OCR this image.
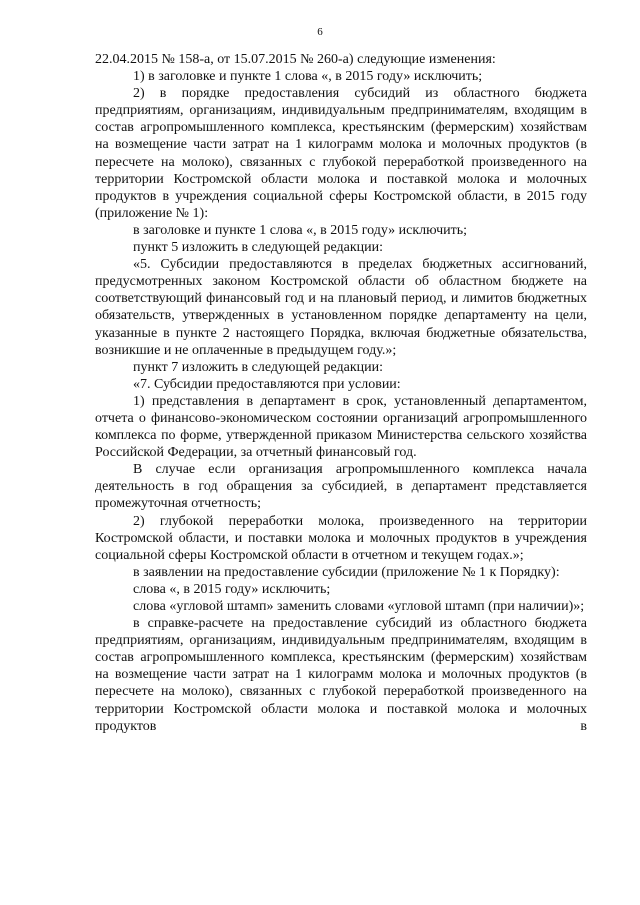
6

22.04.2015 № 158-а, от 15.07.2015 № 260-а) следующие изменения:

1) в заголовке и пункте 1 слова «, в 2015 году» исключить;

2) в порядке предоставления субсидий из областного бюджета предприятиям, организациям, индивидуальным предпринимателям, входящим в состав агропромышленного комплекса, крестьянским (фермерским) хозяйствам на возмещение части затрат на 1 килограмм молока и молочных продуктов (в пересчете на молоко), связанных с глубокой переработкой произведенного на территории Костромской области молока и поставкой молока и молочных продуктов в учреждения социальной сферы Костромской области, в 2015 году (приложение № 1):

в заголовке и пункте 1 слова «, в 2015 году» исключить;

пункт 5 изложить в следующей редакции:

«5. Субсидии предоставляются в пределах бюджетных ассигнований, предусмотренных законом Костромской области об областном бюджете на соответствующий финансовый год и на плановый период, и лимитов бюджетных обязательств, утвержденных в установленном порядке департаменту на цели, указанные в пункте 2 настоящего Порядка, включая бюджетные обязательства, возникшие и не оплаченные в предыдущем году.»;

пункт 7 изложить в следующей редакции:

«7. Субсидии предоставляются при условии:

1) представления в департамент в срок, установленный департаментом, отчета о финансово-экономическом состоянии организаций агропромышленного комплекса по форме, утвержденной приказом Министерства сельского хозяйства Российской Федерации, за отчетный финансовый год.

В случае если организация агропромышленного комплекса начала деятельность в год обращения за субсидией, в департамент представляется промежуточная отчетность;

2) глубокой переработки молока, произведенного на территории Костромской области, и поставки молока и молочных продуктов в учреждения социальной сферы Костромской области в отчетном и текущем годах.»;

в заявлении на предоставление субсидии (приложение № 1 к Порядку):

слова «, в 2015 году» исключить;

слова «угловой штамп» заменить словами «угловой штамп (при наличии)»;

в справке-расчете на предоставление субсидий из областного бюджета предприятиям, организациям, индивидуальным предпринимателям, входящим в состав агропромышленного комплекса, крестьянским (фермерским) хозяйствам на возмещение части затрат на 1 килограмм молока и молочных продуктов (в пересчете на молоко), связанных с глубокой переработкой произведенного на территории Костромской области молока и поставкой молока и молочных продуктов в
